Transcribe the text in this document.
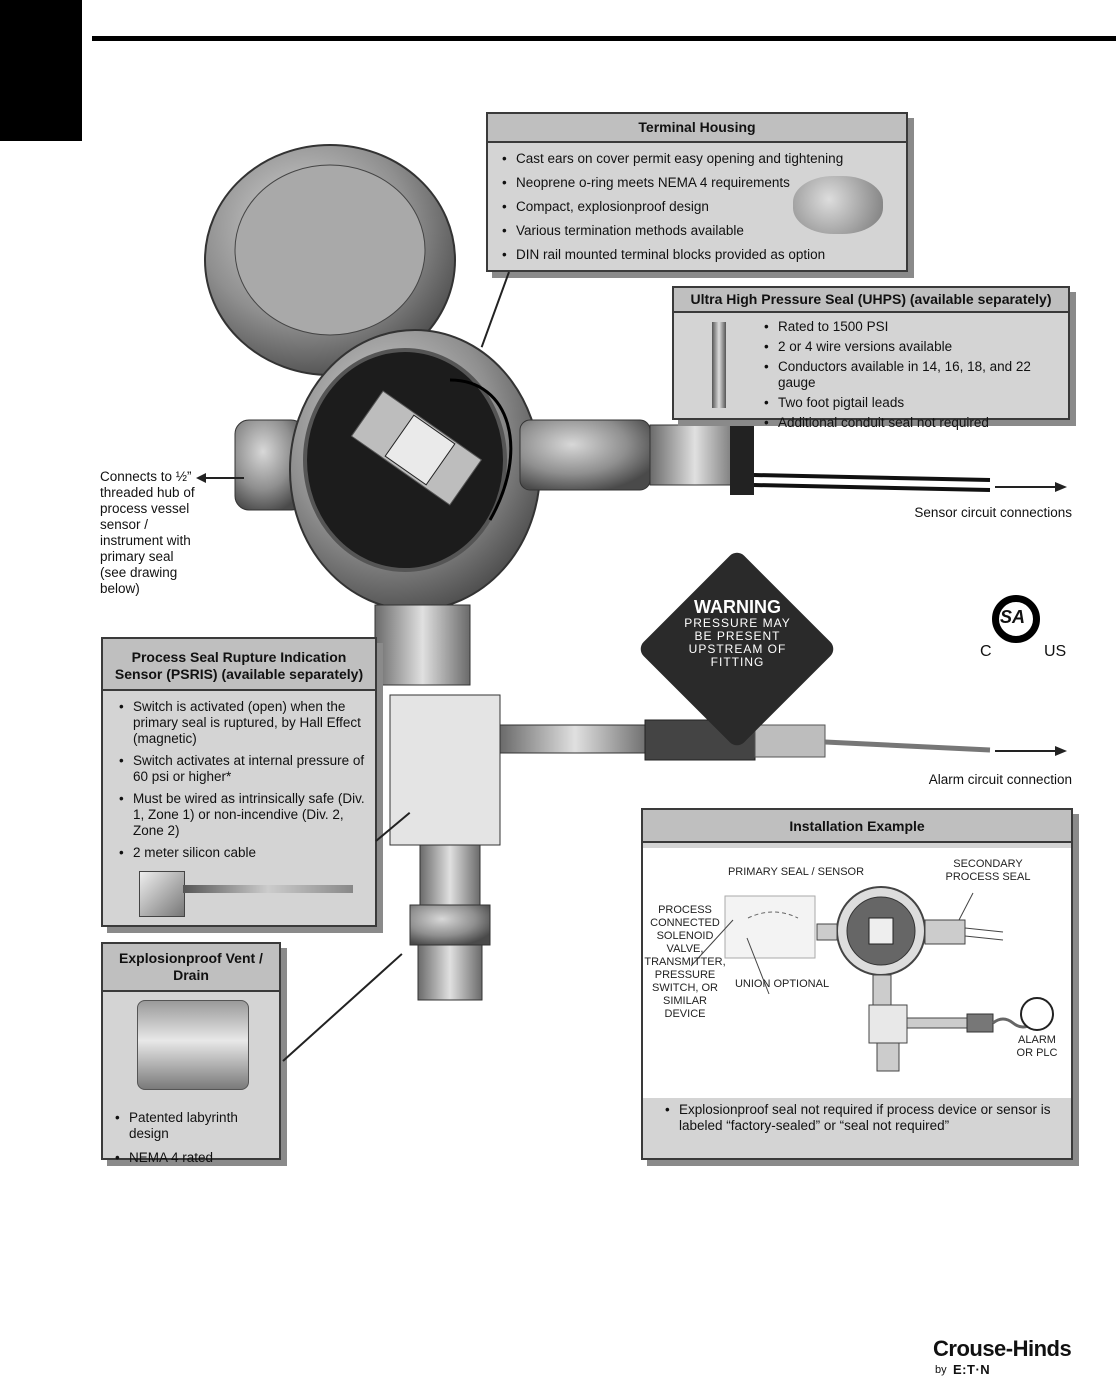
WARNING
PRESSURE MAY
BE PRESENT
UPSTREAM OF
FITTING
SA
C	US
Terminal Housing
• Cast ears on cover permit easy opening and tightening
• Neoprene o-ring meets NEMA 4 requirements
• Compact, explosionproof design
• Various termination methods available
• DIN rail mounted terminal blocks provided as option
Ultra High Pressure Seal (UHPS) (available separately)
• Rated to 1500 PSI
• 2 or 4 wire versions available
• Conductors available in 14, 16, 18, and 22 gauge
• Two foot pigtail leads
• Additional conduit seal not required
Connects to ½” threaded hub of process vessel sensor / instrument with primary seal (see drawing below)
Sensor circuit connections
Alarm circuit connection
Process Seal Rupture Indication Sensor (PSRIS) (available separately)
• Switch is activated (open) when the primary seal is ruptured, by Hall Effect (magnetic)
• Switch activates at internal pressure of 60 psi or higher*
• Must be wired as intrinsically safe (Div. 1, Zone 1) or non-incendive (Div. 2, Zone 2)
• 2 meter silicon cable
Explosionproof Vent / Drain
• Patented labyrinth design
• NEMA 4 rated
Installation Example
PRIMARY SEAL / SENSOR
SECONDARY PROCESS SEAL
PROCESS CONNECTED SOLENOID VALVE, TRANSMITTER, PRESSURE SWITCH, OR SIMILAR DEVICE
UNION OPTIONAL
ALARM OR PLC
• Explosionproof seal not required if process device or sensor is labeled “factory-sealed” or “seal not required”
Crouse-Hinds
by E:T·N
